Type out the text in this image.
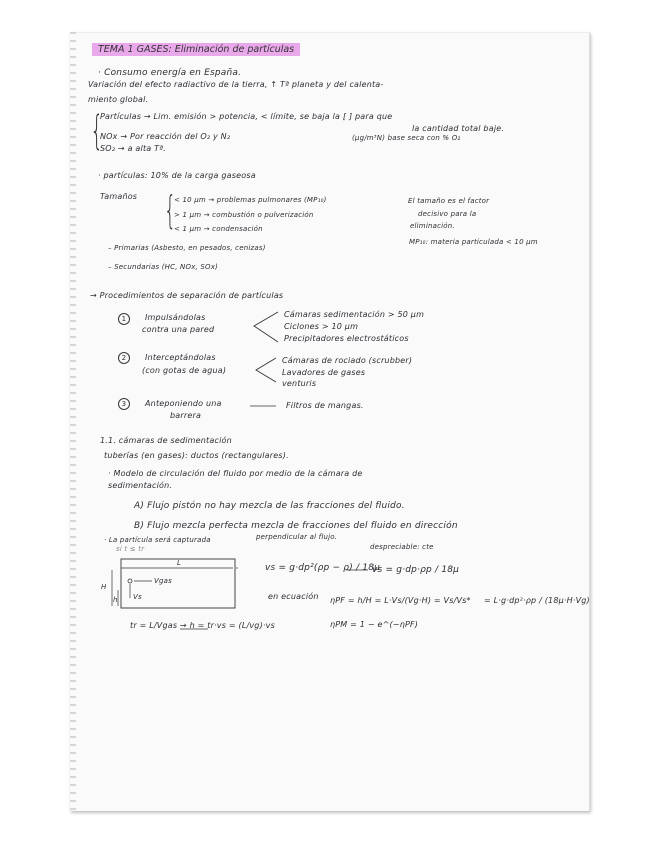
TEMA 1 GASES: Eliminación de partículas
· Consumo energía en España.
Variación del efecto radiactivo de la tierra, ↑ Tª planeta y del calenta-
miento global.
{
Partículas → Lim. emisión > potencia, < límite, se baja la [ ] para que
la cantidad total baje.
NOx → Por reacción del O₂ y N₂	(µg/m³N) base seca con % O₂
SO₂ → a alta Tª.
· partículas: 10% de la carga gaseosa
Tamaños {
< 10 µm → problemas pulmonares (MP₁₀)
> 1 µm → combustión o pulverización
< 1 µm → condensación
El tamaño es el factor
decisivo para la
eliminación.
MP₁₀: materia particulada < 10 µm
– Primarias (Asbesto, en pesados, cenizas)
– Secundarias (HC, NOx, SOx)
→ Procedimientos de separación de partículas
1	Impulsándolas
contra una pared
Cámaras sedimentación > 50 µm
Ciclones > 10 µm
Precipitadores electrostáticos
2	Interceptándolas
(con gotas de agua)
Cámaras de rociado (scrubber)
Lavadores de gases
venturis
3	Anteponiendo una
barrera
Filtros de mangas.
1.1. cámaras de sedimentación
tuberías (en gases): ductos (rectangulares).
· Modelo de circulación del fluido por medio de la cámara de
sedimentación.
A) Flujo pistón no hay mezcla de las fracciones del fluido.
B) Flujo mezcla perfecta mezcla de fracciones del fluido en dirección
perpendicular al flujo.
· La partícula será capturada
si t ≤ tr
L
Vgas
Vs
H
h
despreciable: cte
vs = g·dp²(ρp − ρ) / 18µ
vs = g·dp·ρp / 18µ
en ecuación ηPF = h/H = L·Vs/(Vg·H) = Vs/Vs* = L·g·dp²·ρp / (18µ·H·Vg)
ηPM = 1 − e^(−ηPF)
tr = L/Vgas → h = tr·vs = (L/vg)·vs
